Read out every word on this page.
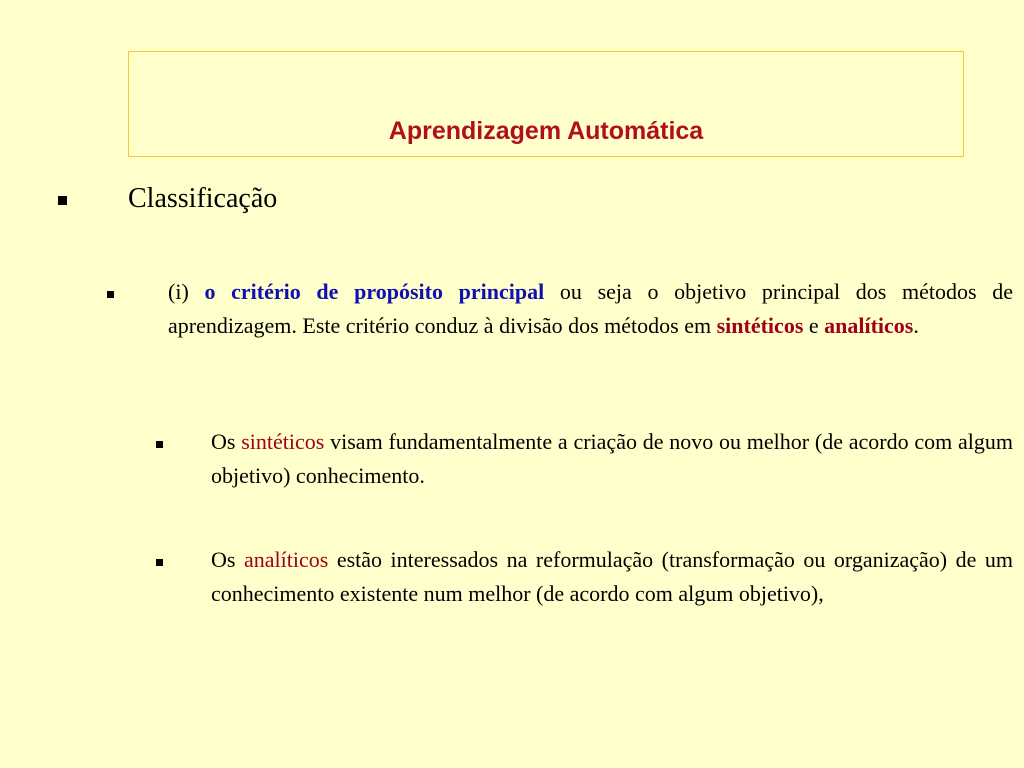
Aprendizagem Automática
Classificação
(i) o critério de propósito principal ou seja o objetivo principal dos métodos de aprendizagem. Este critério conduz à divisão dos métodos em sintéticos e analíticos.
Os sintéticos visam fundamentalmente a criação de novo ou melhor (de acordo com algum objetivo) conhecimento.
Os analíticos estão interessados na reformulação (transformação ou organização) de um conhecimento existente num melhor (de acordo com algum objetivo),
